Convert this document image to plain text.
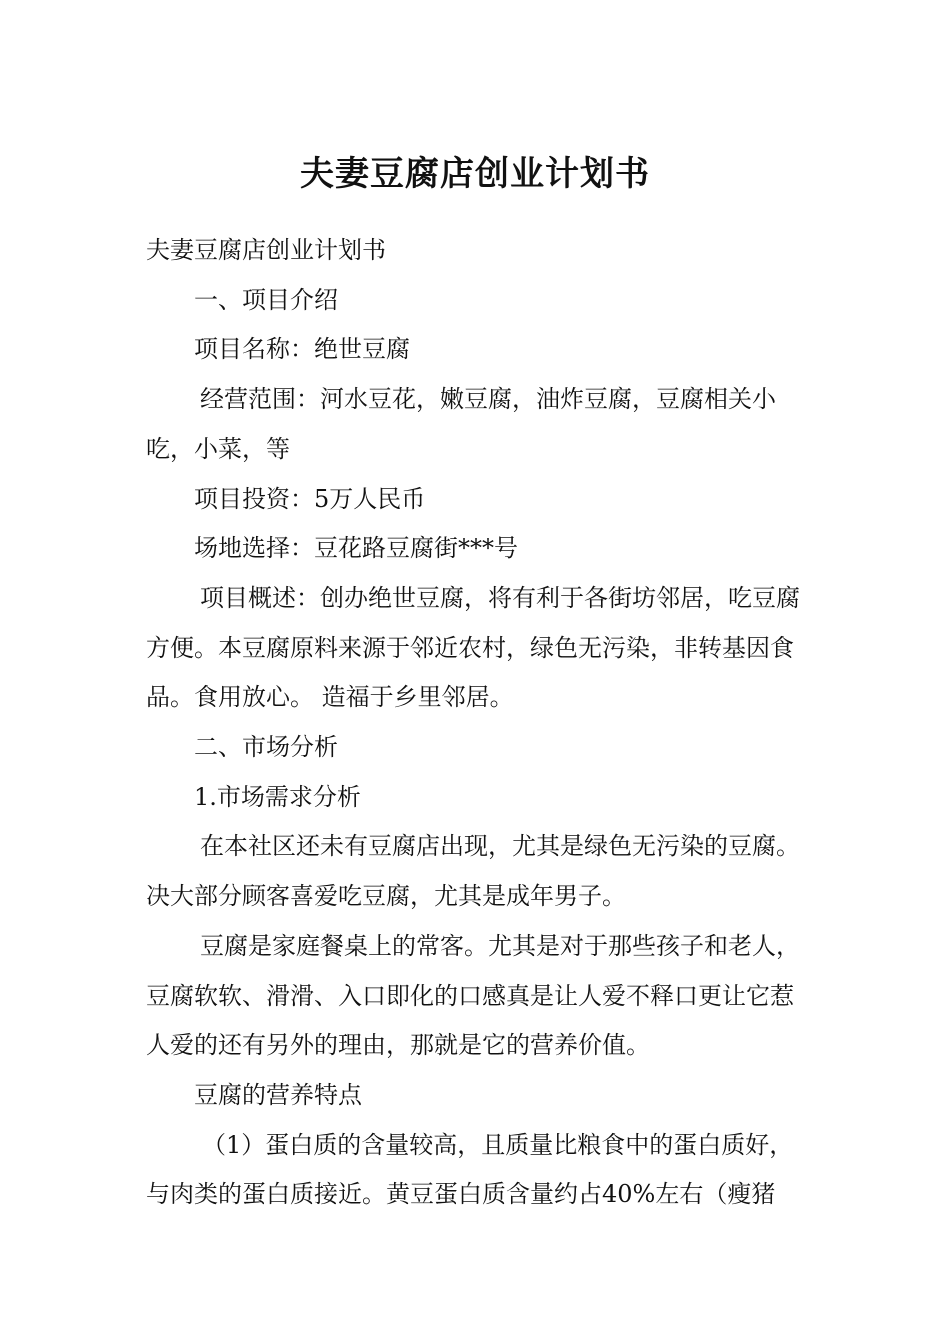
夫妻豆腐店创业计划书

夫妻豆腐店创业计划书

一、项目介绍

项目名称：绝世豆腐

经营范围：河水豆花，嫩豆腐，油炸豆腐，豆腐相关小吃，小菜，等

项目投资：5万人民币

场地选择：豆花路豆腐街***号

项目概述：创办绝世豆腐，将有利于各街坊邻居，吃豆腐方便。本豆腐原料来源于邻近农村，绿色无污染，非转基因食品。食用放心。 造福于乡里邻居。

二、市场分析

1.市场需求分析

在本社区还未有豆腐店出现，尤其是绿色无污染的豆腐。决大部分顾客喜爱吃豆腐，尤其是成年男子。

豆腐是家庭餐桌上的常客。尤其是对于那些孩子和老人，豆腐软软、滑滑、入口即化的口感真是让人爱不释口更让它惹人爱的还有另外的理由，那就是它的营养价值。

豆腐的营养特点

（1）蛋白质的含量较高，且质量比粮食中的蛋白质好，与肉类的蛋白质接近。黄豆蛋白质含量约占40%左右（瘦猪
